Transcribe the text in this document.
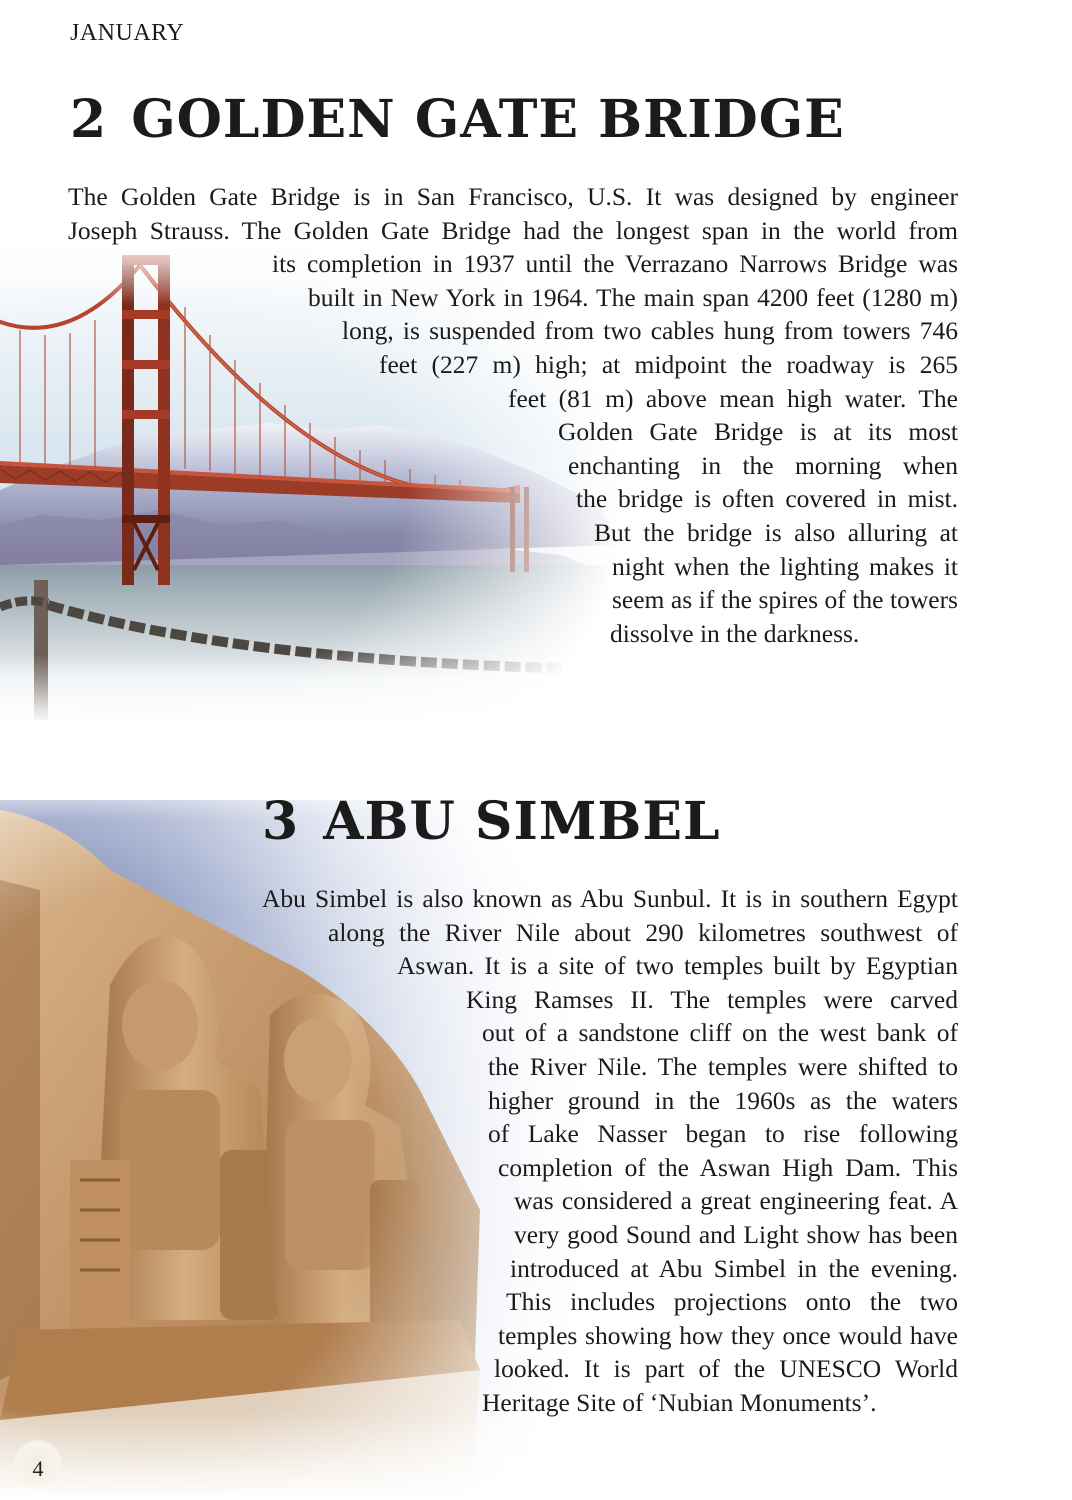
JANUARY
2 GOLDEN GATE BRIDGE

The Golden Gate Bridge is in San Francisco, U.S. It was designed by engineer
Joseph Strauss. The Golden Gate Bridge had the longest span in the world from
its completion in 1937 until the Verrazano Narrows Bridge was
built in New York in 1964. The main span 4200 feet (1280 m)
long, is suspended from two cables hung from towers 746
feet (227 m) high; at midpoint the roadway is 265
feet (81 m) above mean high water. The
Golden Gate Bridge is at its most
enchanting in the morning when
the bridge is often covered in mist.
But the bridge is also alluring at
night when the lighting makes it
seem as if the spires of the towers
dissolve in the darkness.

3 ABU SIMBEL

Abu Simbel is also known as Abu Sunbul. It is in southern Egypt
along the River Nile about 290 kilometres southwest of
Aswan. It is a site of two temples built by Egyptian
King Ramses II. The temples were carved
out of a sandstone cliff on the west bank of
the River Nile. The temples were shifted to
higher ground in the 1960s as the waters
of Lake Nasser began to rise following
completion of the Aswan High Dam. This
was considered a great engineering feat. A
very good Sound and Light show has been
introduced at Abu Simbel in the evening.
This includes projections onto the two
temples showing how they once would have
looked. It is part of the UNESCO World
Heritage Site of ‘Nubian Monuments’.

4
